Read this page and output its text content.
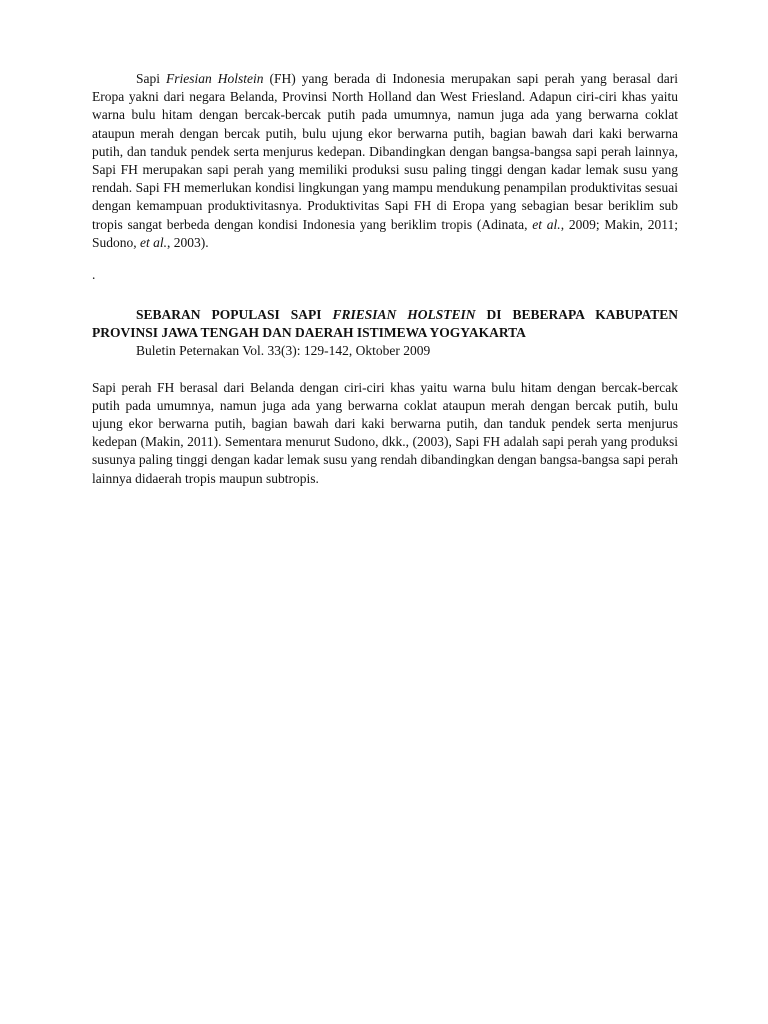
Sapi Friesian Holstein (FH) yang berada di Indonesia merupakan sapi perah yang berasal dari Eropa yakni dari negara Belanda, Provinsi North Holland dan West Friesland. Adapun ciri-ciri khas yaitu warna bulu hitam dengan bercak-bercak putih pada umumnya, namun juga ada yang berwarna coklat ataupun merah dengan bercak putih, bulu ujung ekor berwarna putih, bagian bawah dari kaki berwarna putih, dan tanduk pendek serta menjurus kedepan. Dibandingkan dengan bangsa-bangsa sapi perah lainnya, Sapi FH merupakan sapi perah yang memiliki produksi susu paling tinggi dengan kadar lemak susu yang rendah. Sapi FH memerlukan kondisi lingkungan yang mampu mendukung penampilan produktivitas sesuai dengan kemampuan produktivitasnya. Produktivitas Sapi FH di Eropa yang sebagian besar beriklim sub tropis sangat berbeda dengan kondisi Indonesia yang beriklim tropis (Adinata, et al., 2009; Makin, 2011; Sudono, et al., 2003).

.

SEBARAN POPULASI SAPI FRIESIAN HOLSTEIN DI BEBERAPA KABUPATEN PROVINSI JAWA TENGAH DAN DAERAH ISTIMEWA YOGYAKARTA

Buletin Peternakan Vol. 33(3): 129-142, Oktober 2009

Sapi perah FH berasal dari Belanda dengan ciri-ciri khas yaitu warna bulu hitam dengan bercak-bercak putih pada umumnya, namun juga ada yang berwarna coklat ataupun merah dengan bercak putih, bulu ujung ekor berwarna putih, bagian bawah dari kaki berwarna putih, dan tanduk pendek serta menjurus kedepan (Makin, 2011). Sementara menurut Sudono, dkk., (2003), Sapi FH adalah sapi perah yang produksi susunya paling tinggi dengan kadar lemak susu yang rendah dibandingkan dengan bangsa-bangsa sapi perah lainnya didaerah tropis maupun subtropis.
